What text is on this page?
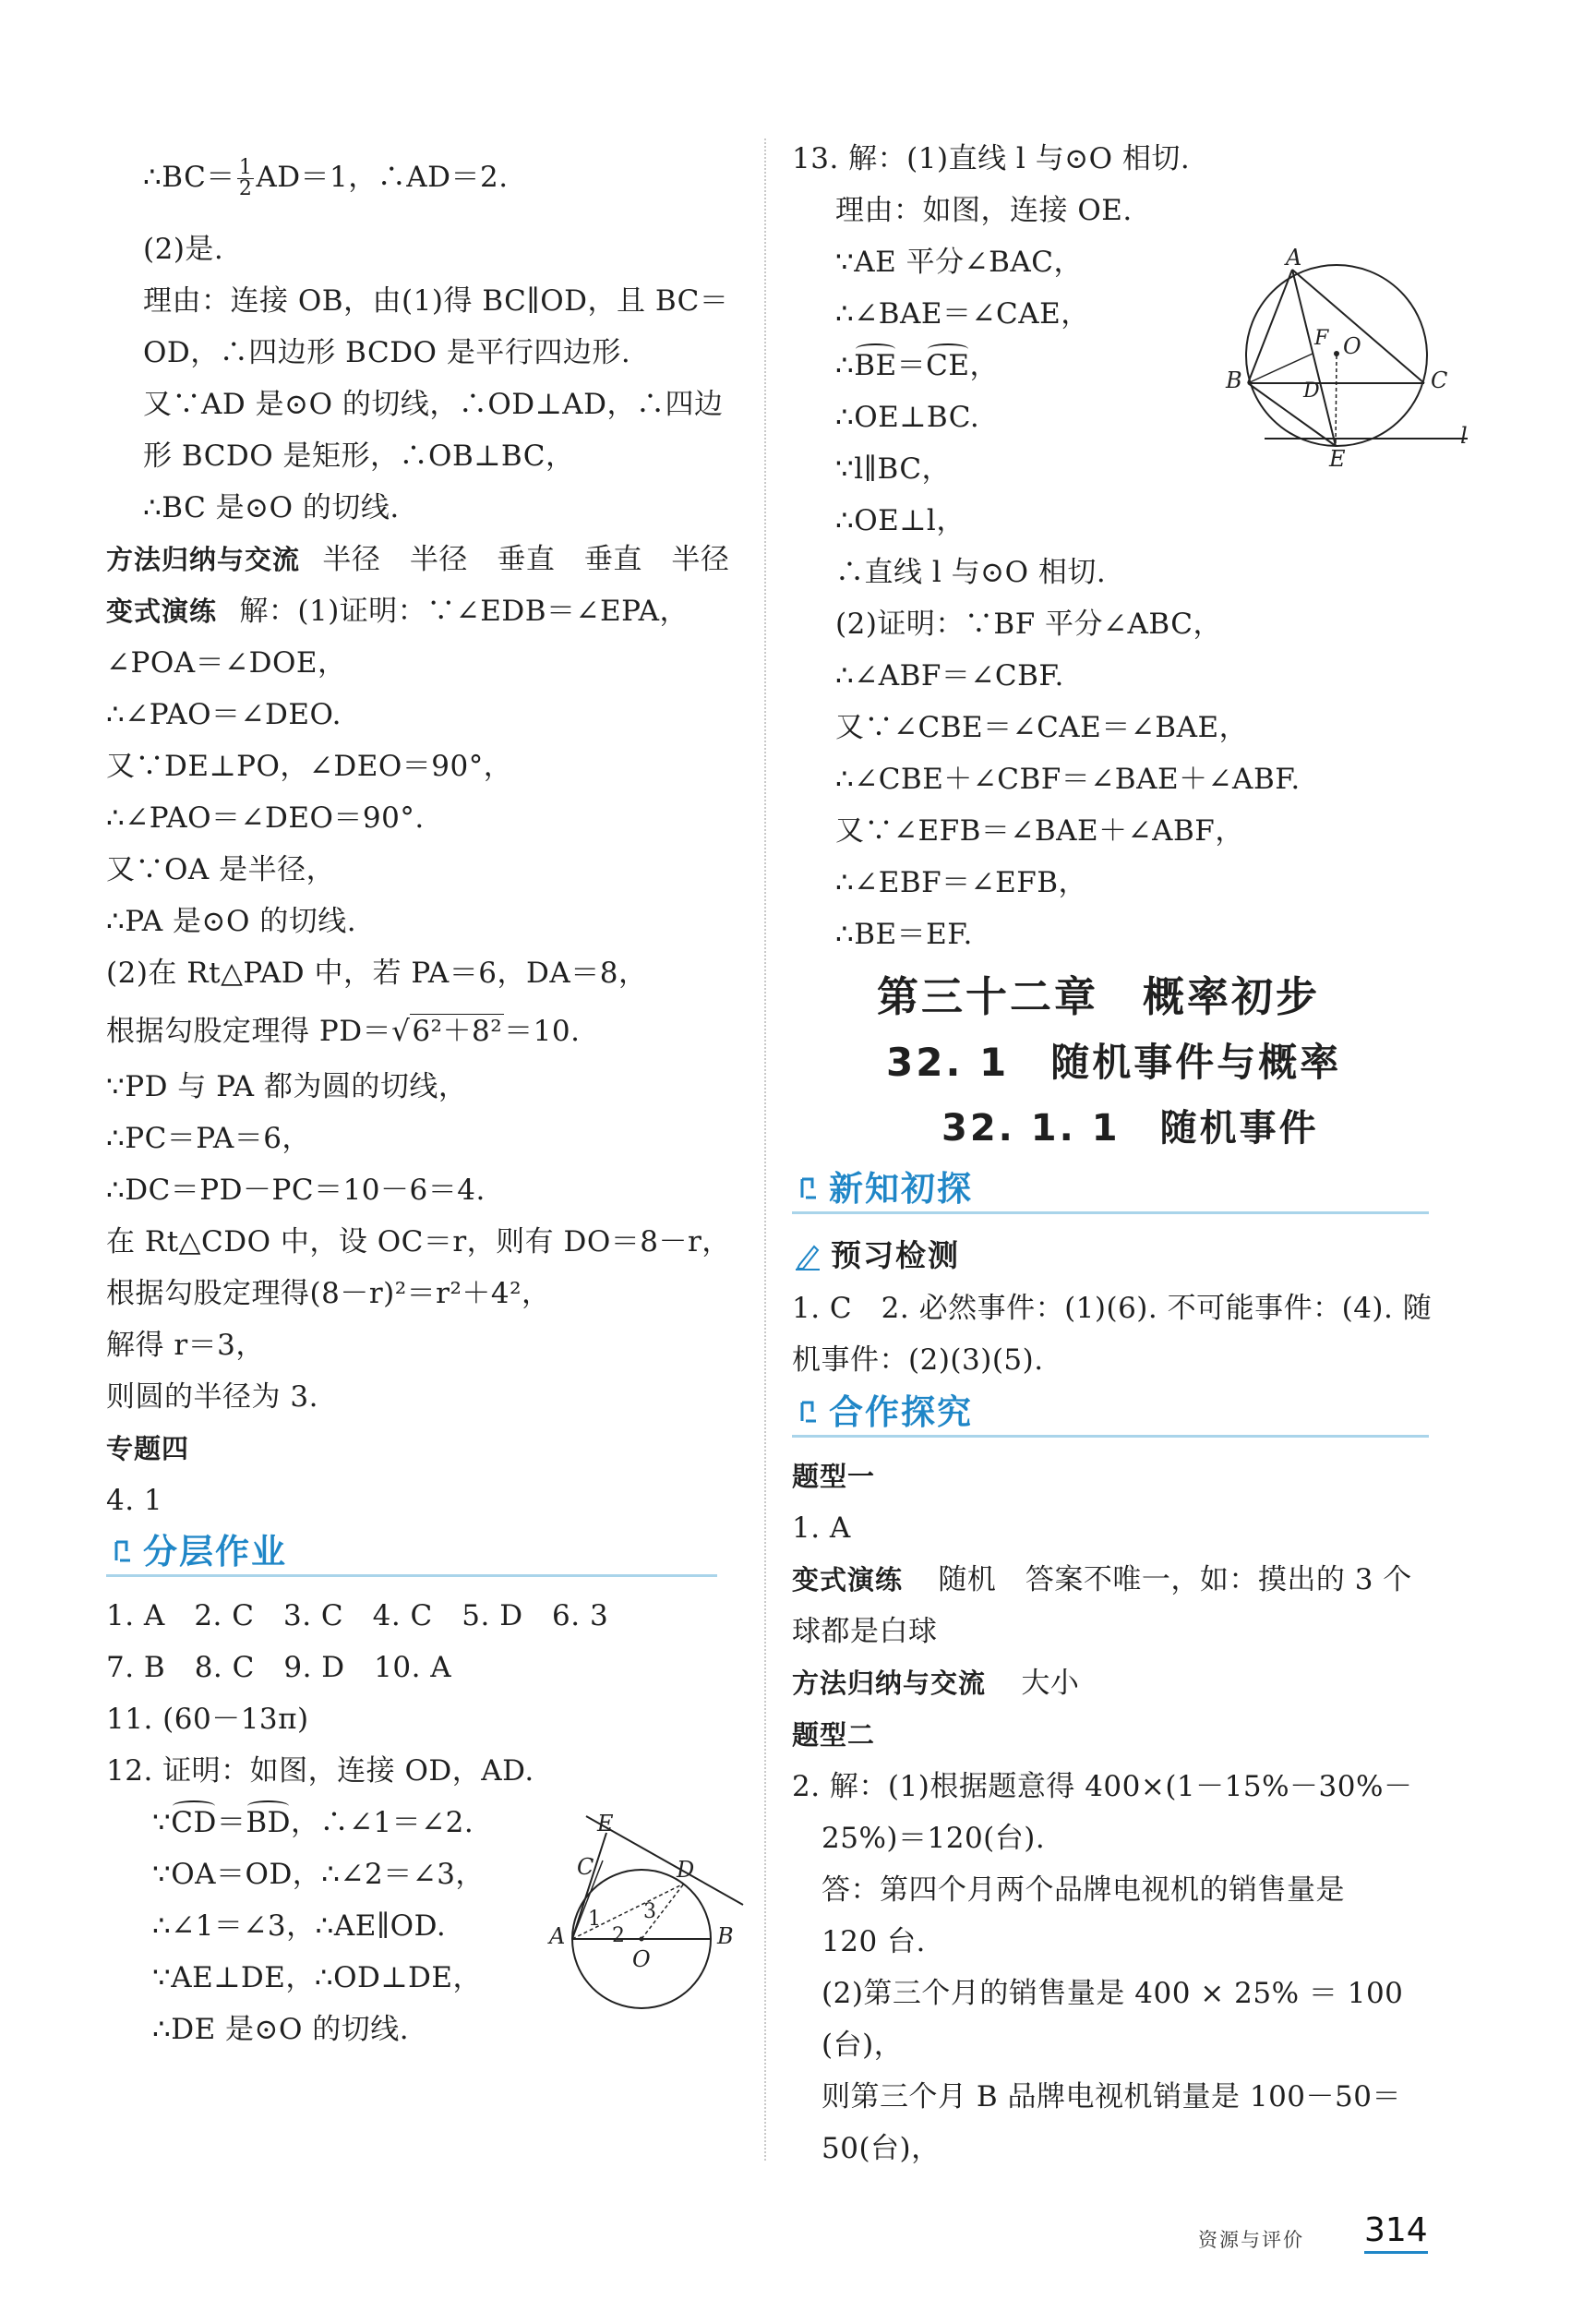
∴BC＝ $\frac{1}{2} AD=1$，∴AD＝2.
(2)是.
理由：连接 OB，由(1)得 BC∥OD，且 BC＝
OD，∴四边形 BCDO 是平行四边形.
又∵AD 是⊙O 的切线，∴OD⊥AD，∴四边
形 BCDO 是矩形，∴OB⊥BC，
∴BC 是⊙O 的切线.
方法归纳与交流 半径　半径　垂直　垂直　半径
变式演练 解：(1)证明：∵∠EDB＝∠EPA，
∠POA＝∠DOE，
∴∠PAO＝∠DEO.
又∵DE⊥PO，∠DEO＝90°，
∴∠PAO＝∠DEO＝90°.
又∵OA 是半径，
∴PA 是⊙O 的切线.
(2)在 Rt△PAD 中，若 PA＝6，DA＝8，
根据勾股定理得 PD＝√6²＋8²＝10.
∵PD 与 PA 都为圆的切线，
∴PC＝PA＝6，
∴DC＝PD－PC＝10－6＝4.
在 Rt△CDO 中，设 OC＝r，则有 DO＝8－r，
根据勾股定理得(8－r)²＝r²＋4²，
解得 r＝3，
则圆的半径为 3.
专题四
4. 1
分层作业
1. A　2. C　3. C　4. C　5. D　6. 3
7. B　8. C　9. D　10. A
11. (60－13π)
12. 证明：如图，连接 OD，AD.
∵CD＝BD，∴∠1＝∠2.
∵OA＝OD，∴∠2＝∠3，
∴∠1＝∠3，∴AE∥OD.
∵AE⊥DE，∴OD⊥DE，
∴DE 是⊙O 的切线.
E
C	D
A
1 3
2
O
B
13. 解：(1)直线 l 与⊙O 相切.
理由：如图，连接 OE.
∵AE 平分∠BAC，
∴∠BAE＝∠CAE，
∴BE＝CE，
∴OE⊥BC.
∵l∥BC，
∴OE⊥l，
∴直线 l 与⊙O 相切.
(2)证明：∵BF 平分∠ABC，
∴∠ABF＝∠CBF.
又∵∠CBE＝∠CAE＝∠BAE，
∴∠CBE＋∠CBF＝∠BAE＋∠ABF.
又∵∠EFB＝∠BAE＋∠ABF，
∴∠EBF＝∠EFB，
∴BE＝EF.
A
F O
B	D	C
E
l
第三十二章　概率初步
32. 1　随机事件与概率
32. 1. 1　随机事件
新知初探
预习检测
1. C　2. 必然事件：(1)(6). 不可能事件：(4). 随
机事件：(2)(3)(5).
合作探究
题型一
1. A
变式演练 随机　答案不唯一，如：摸出的 3 个
球都是白球
方法归纳与交流 大小
题型二
2. 解：(1)根据题意得 400×(1－15%－30%－
25%)＝120(台).
答：第四个月两个品牌电视机的销售量是
120 台.
(2)第三个月的销售量是 400 × 25% ＝ 100
(台)，
则第三个月 B 品牌电视机销量是 100－50＝
50(台)，
资源与评价 314
